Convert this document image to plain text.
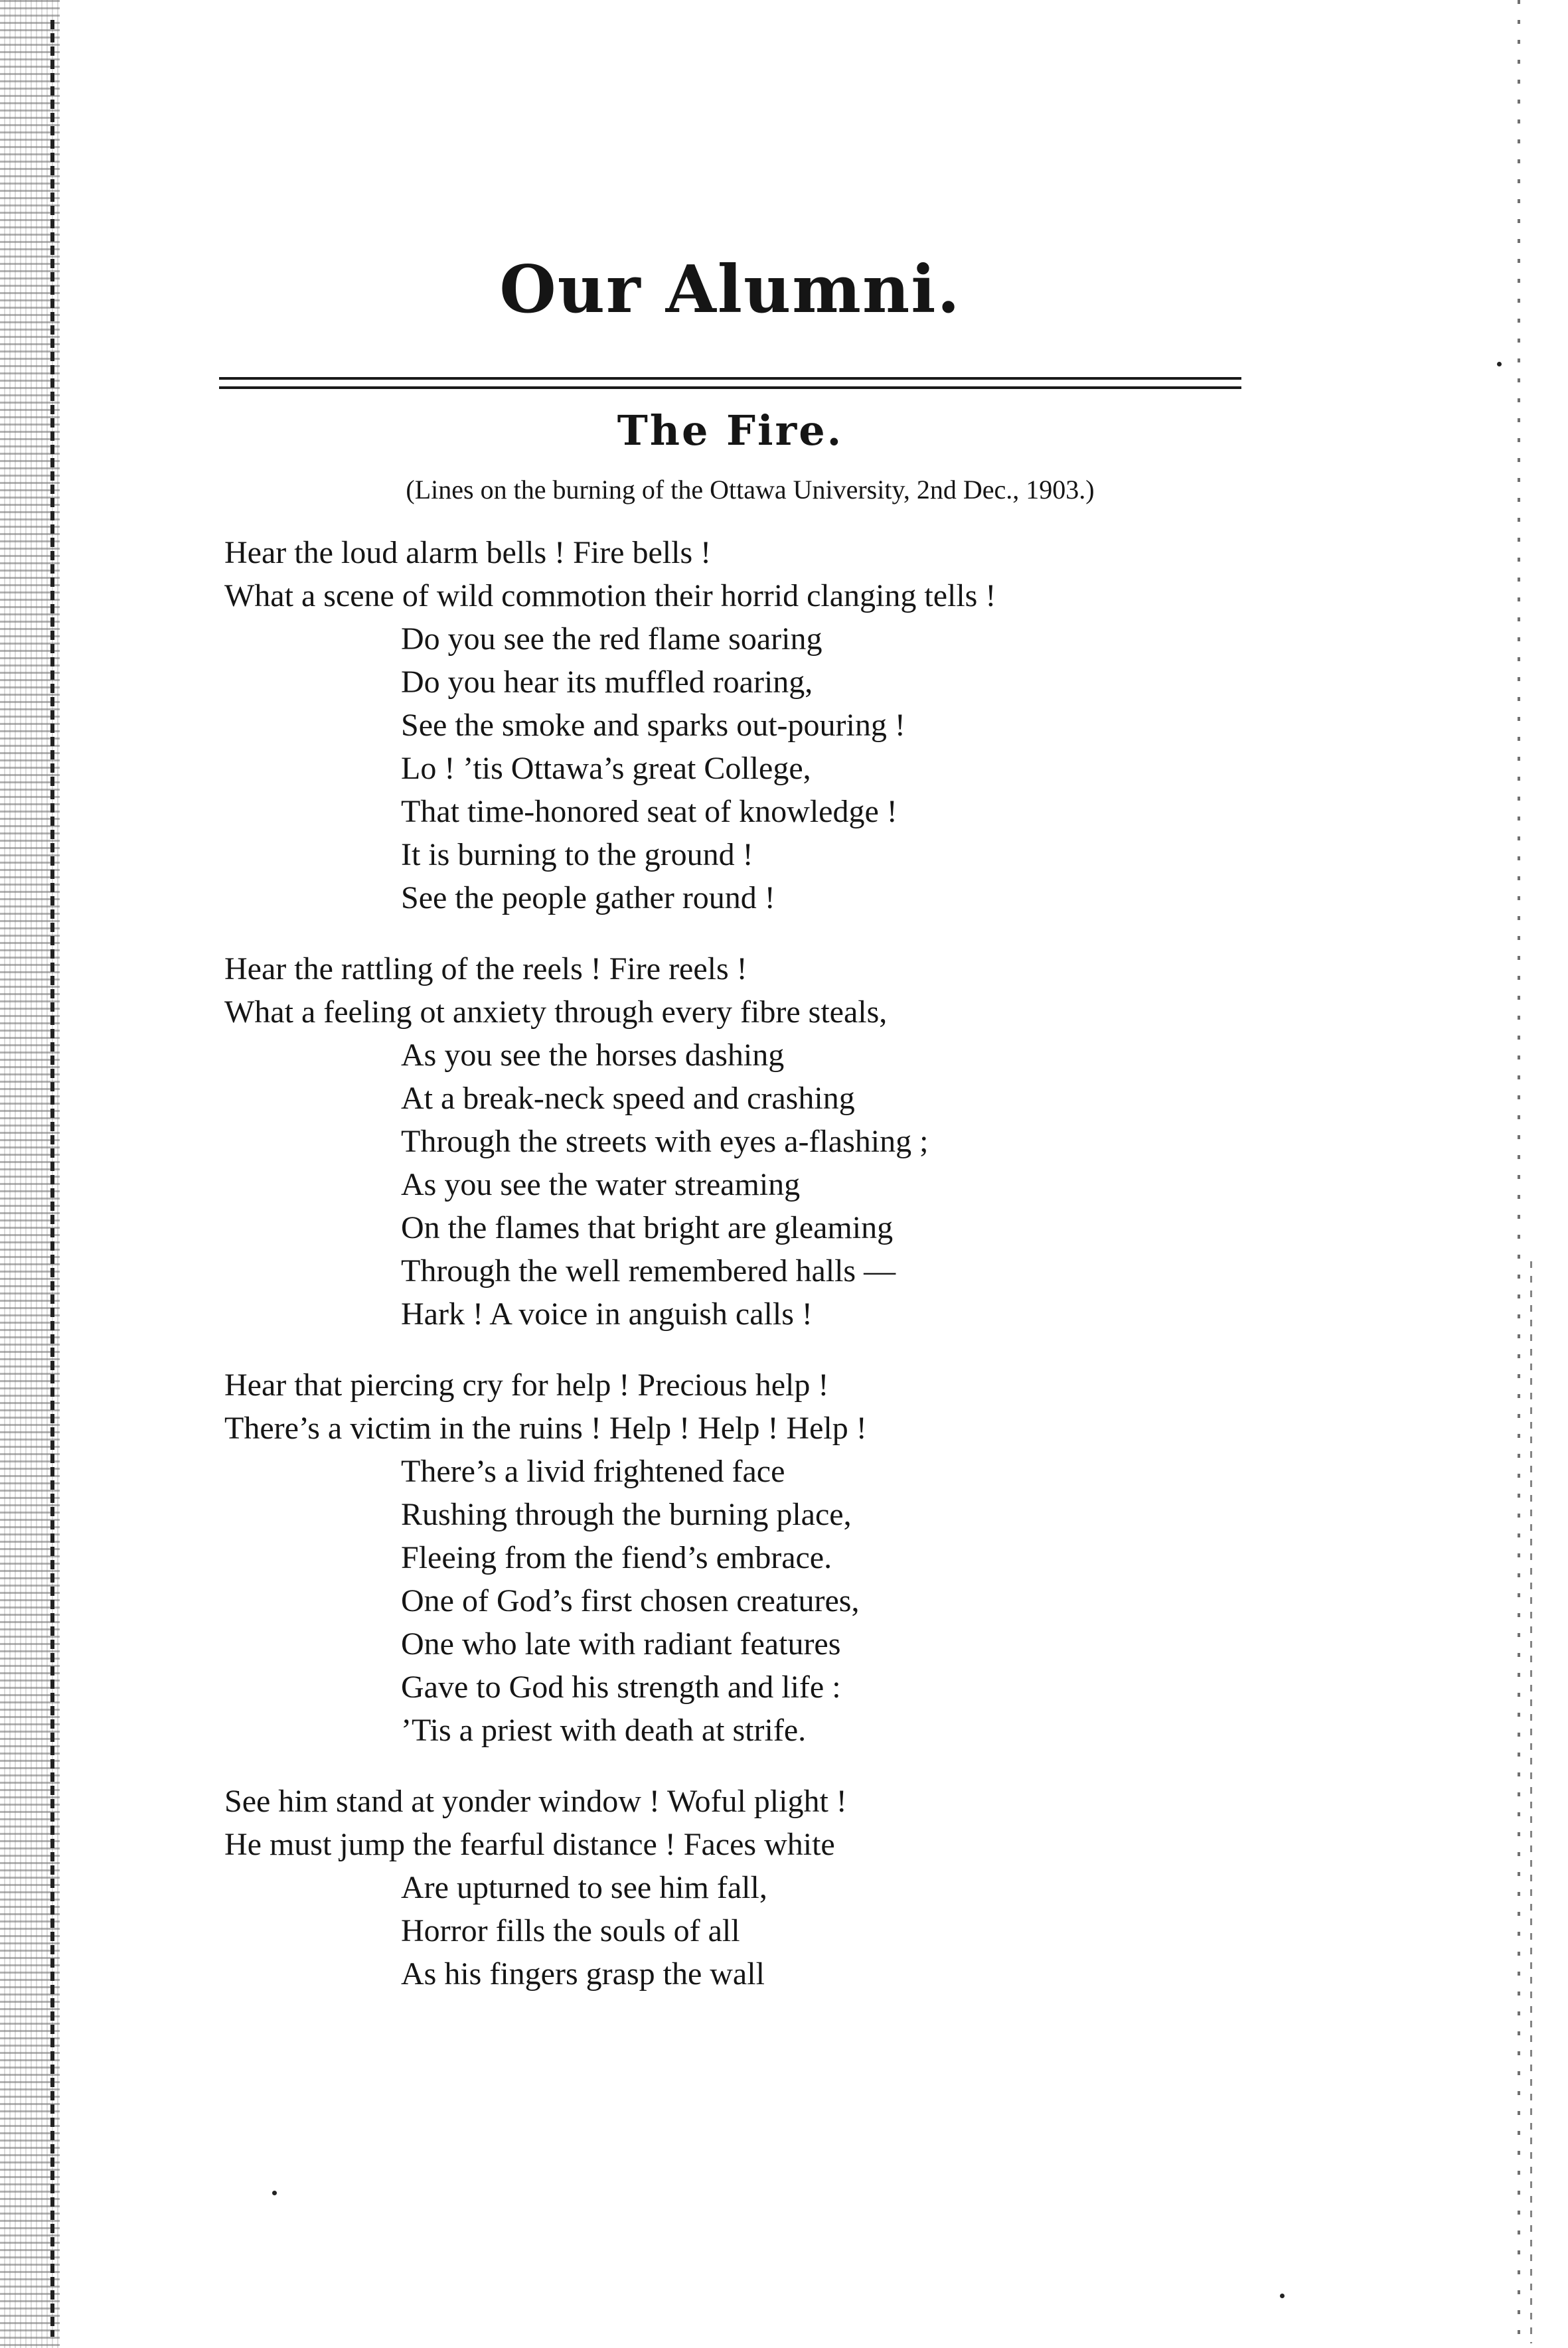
Our Alumni.
The Fire.

(Lines on the burning of the Ottawa University, 2nd Dec., 1903.)

Hear the loud alarm bells ! Fire bells !
What a scene of wild commotion their horrid clanging tells !
Do you see the red flame soaring
Do you hear its muffled roaring,
See the smoke and sparks out-pouring !
Lo ! ’tis Ottawa’s great College,
That time-honored seat of knowledge !
It is burning to the ground !
See the people gather round !
Hear the rattling of the reels ! Fire reels !
What a feeling ot anxiety through every fibre steals,
As you see the horses dashing
At a break-neck speed and crashing
Through the streets with eyes a-flashing ;
As you see the water streaming
On the flames that bright are gleaming
Through the well remembered halls —
Hark ! A voice in anguish calls !
Hear that piercing cry for help ! Precious help !
There’s a victim in the ruins ! Help ! Help ! Help !
There’s a livid frightened face
Rushing through the burning place,
Fleeing from the fiend’s embrace.
One of God’s first chosen creatures,
One who late with radiant features
Gave to God his strength and life :
’Tis a priest with death at strife.
See him stand at yonder window ! Woful plight !
He must jump the fearful distance ! Faces white
Are upturned to see him fall,
Horror fills the souls of all
As his fingers grasp the wall
